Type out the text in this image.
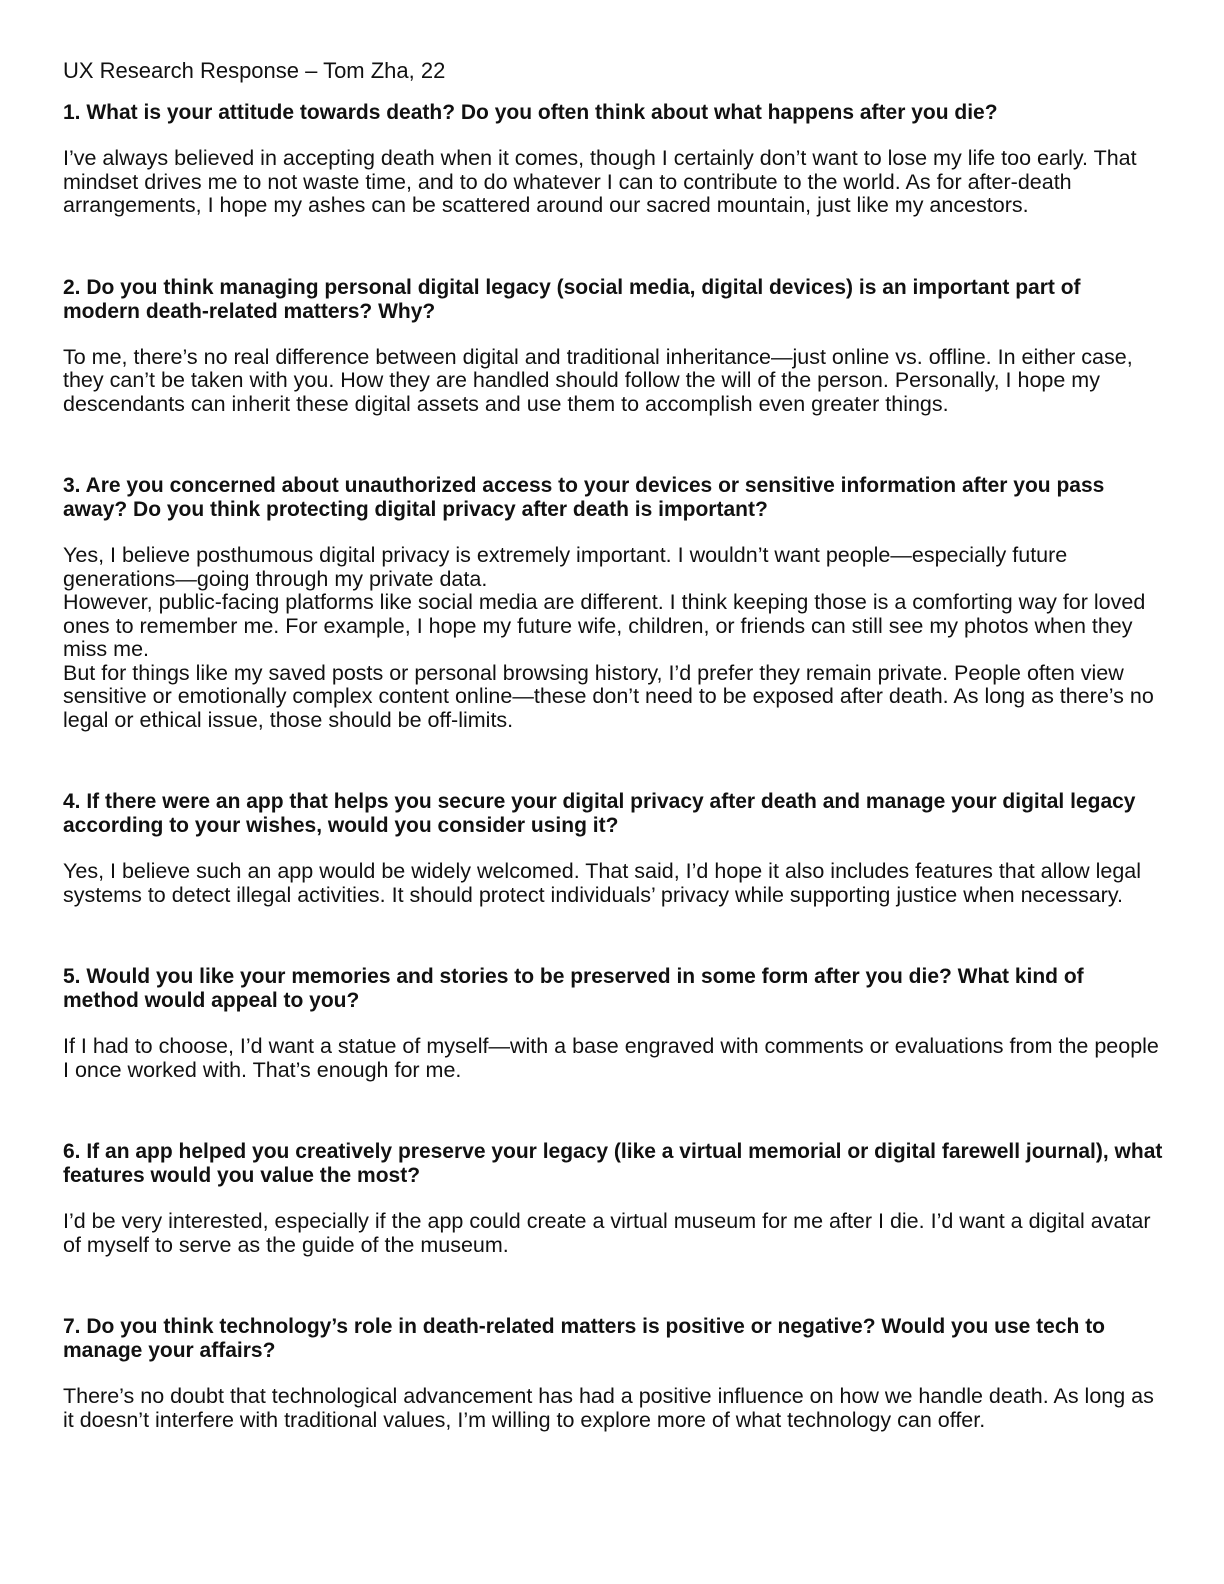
UX Research Response – Tom Zha, 22
1. What is your attitude towards death? Do you often think about what happens after you die?

I’ve always believed in accepting death when it comes, though I certainly don’t want to lose my life too early. That mindset drives me to not waste time, and to do whatever I can to contribute to the world. As for after-death arrangements, I hope my ashes can be scattered around our sacred mountain, just like my ancestors.

2. Do you think managing personal digital legacy (social media, digital devices) is an important part of modern death-related matters? Why?

To me, there’s no real difference between digital and traditional inheritance—just online vs. offline. In either case, they can’t be taken with you. How they are handled should follow the will of the person. Personally, I hope my descendants can inherit these digital assets and use them to accomplish even greater things.

3. Are you concerned about unauthorized access to your devices or sensitive information after you pass away? Do you think protecting digital privacy after death is important?

Yes, I believe posthumous digital privacy is extremely important. I wouldn’t want people—especially future generations—going through my private data.

However, public-facing platforms like social media are different. I think keeping those is a comforting way for loved ones to remember me. For example, I hope my future wife, children, or friends can still see my photos when they miss me.

But for things like my saved posts or personal browsing history, I’d prefer they remain private. People often view sensitive or emotionally complex content online—these don’t need to be exposed after death. As long as there’s no legal or ethical issue, those should be off-limits.

4. If there were an app that helps you secure your digital privacy after death and manage your digital legacy according to your wishes, would you consider using it?

Yes, I believe such an app would be widely welcomed. That said, I’d hope it also includes features that allow legal systems to detect illegal activities. It should protect individuals’ privacy while supporting justice when necessary.

5. Would you like your memories and stories to be preserved in some form after you die? What kind of method would appeal to you?

If I had to choose, I’d want a statue of myself—with a base engraved with comments or evaluations from the people I once worked with. That’s enough for me.

6. If an app helped you creatively preserve your legacy (like a virtual memorial or digital farewell journal), what features would you value the most?

I’d be very interested, especially if the app could create a virtual museum for me after I die. I’d want a digital avatar of myself to serve as the guide of the museum.

7. Do you think technology’s role in death-related matters is positive or negative? Would you use tech to manage your affairs?

There’s no doubt that technological advancement has had a positive influence on how we handle death. As long as it doesn’t interfere with traditional values, I’m willing to explore more of what technology can offer.
